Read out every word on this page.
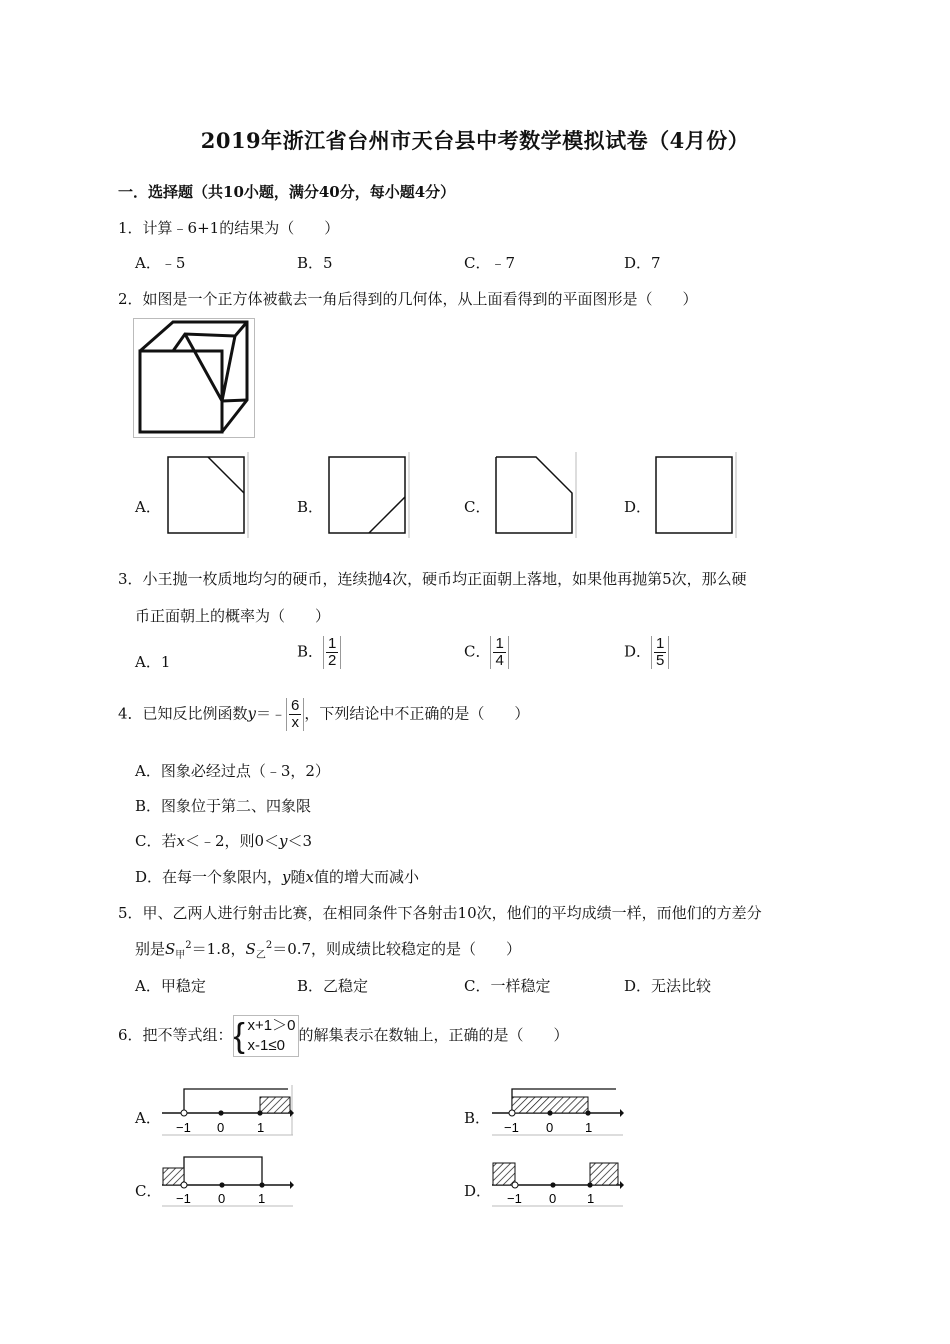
2019年浙江省台州市天台县中考数学模拟试卷（4月份）
一．选择题（共10小题，满分40分，每小题4分）
1．计算﹣6+1的结果为（　　）
A．﹣5	B．5	C．﹣7	D．7
2．如图是一个正方体被截去一角后得到的几何体，从上面看得到的平面图形是（　　）
A．	B．	C．	D．
3．小王抛一枚质地均匀的硬币，连续抛4次，硬币均正面朝上落地，如果他再抛第5次，那么硬
币正面朝上的概率为（　　）
A．1
B． $\frac{1}{2}$	C． $\frac{1}{4}$	D． $\frac{1}{5}$
4．已知反比例函数y＝﹣ $\frac{6}{x}$ ，下列结论中不正确的是（　　）
A．图象必经过点（﹣3，2）
B．图象位于第二、四象限
C．若x＜﹣2，则0＜y＜3
D．在每一个象限内，y随x值的增大而减小
5．甲、乙两人进行射击比赛，在相同条件下各射击10次，他们的平均成绩一样，而他们的方差分
别是$S_甲^2=1.8$，$S_乙^2=0.7$，则成绩比较稳定的是（　　）
A．甲稳定	B．乙稳定	C．一样稳定	D．无法比较
6．把不等式组： { x+1＞0
x-1≤0
的解集表示在数轴上，正确的是（　　）
A．
−1 0	1
B．
−1 0 1
C． −1 0	1	D． −1 0 1
